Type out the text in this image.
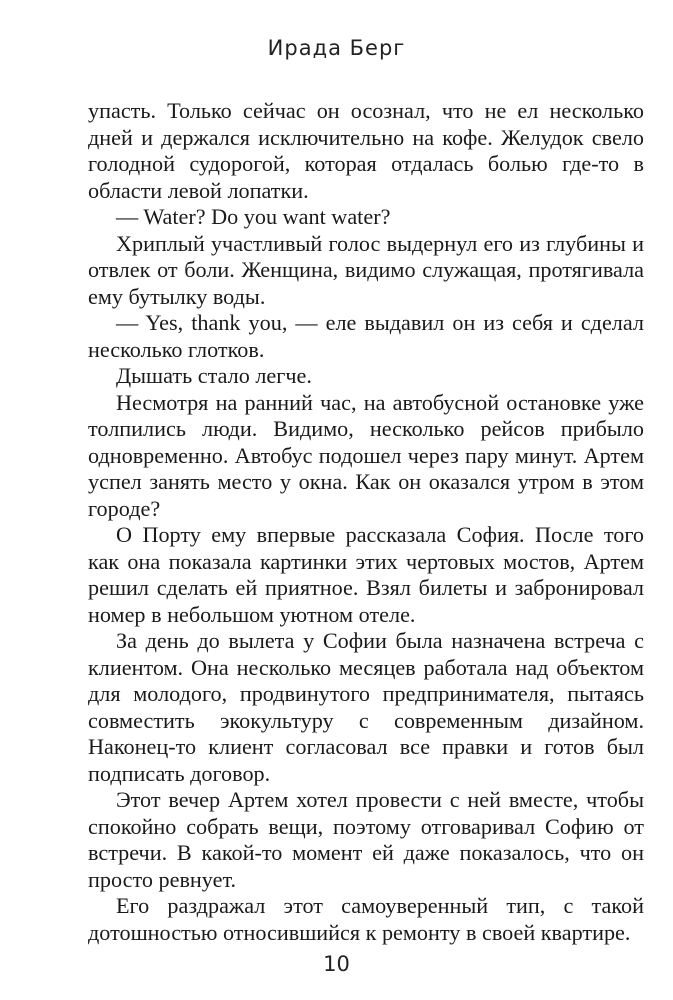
Ирада Берг

упасть. Только сейчас он осознал, что не ел несколько дней и держался исключительно на кофе. Желудок свело голодной судорогой, которая отдалась болью где-то в области левой лопатки.

— Water? Do you want water?

Хриплый участливый голос выдернул его из глубины и отвлек от боли. Женщина, видимо служащая, протягивала ему бутылку воды.

— Yes, thank you, — еле выдавил он из себя и сделал несколько глотков.

Дышать стало легче.

Несмотря на ранний час, на автобусной остановке уже толпились люди. Видимо, несколько рейсов прибыло одновременно. Автобус подошел через пару минут. Артем успел занять место у окна. Как он оказался утром в этом городе?

О Порту ему впервые рассказала София. После того как она показала картинки этих чертовых мостов, Артем решил сделать ей приятное. Взял билеты и забронировал номер в небольшом уютном отеле.

За день до вылета у Софии была назначена встреча с клиентом. Она несколько месяцев работала над объектом для молодого, продвинутого предпринимателя, пытаясь совместить экокультуру с современным дизайном. Наконец-то клиент согласовал все правки и готов был подписать договор.

Этот вечер Артем хотел провести с ней вместе, чтобы спокойно собрать вещи, поэтому отговаривал Софию от встречи. В какой-то момент ей даже показалось, что он просто ревнует.

Его раздражал этот самоуверенный тип, с такой дотошностью относившийся к ремонту в своей квартире.

10
